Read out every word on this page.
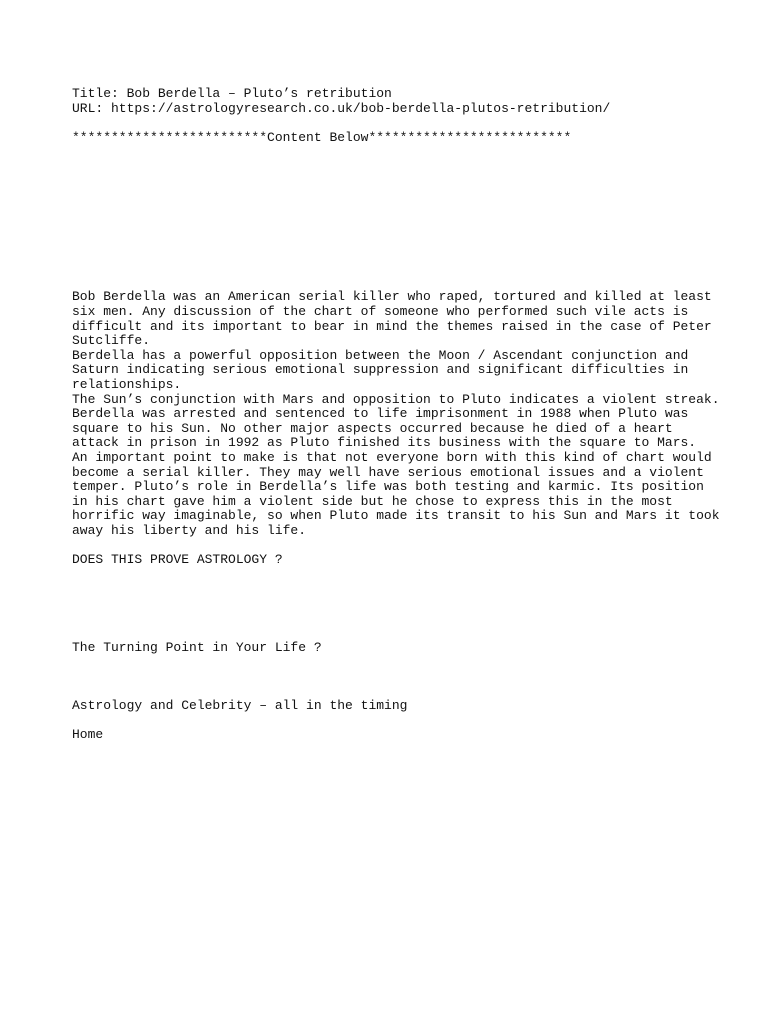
Title: Bob Berdella – Pluto’s retribution
URL: https://astrologyresearch.co.uk/bob-berdella-plutos-retribution/
*************************Content Below**************************
Bob Berdella was an American serial killer who raped, tortured and killed at least
six men. Any discussion of the chart of someone who performed such vile acts is
difficult and its important to bear in mind the themes raised in the case of Peter
Sutcliffe.
Berdella has a powerful opposition between the Moon / Ascendant conjunction and
Saturn indicating serious emotional suppression and significant difficulties in
relationships.
The Sun’s conjunction with Mars and opposition to Pluto indicates a violent streak.
Berdella was arrested and sentenced to life imprisonment in 1988 when Pluto was
square to his Sun. No other major aspects occurred because he died of a heart
attack in prison in 1992 as Pluto finished its business with the square to Mars.
An important point to make is that not everyone born with this kind of chart would
become a serial killer. They may well have serious emotional issues and a violent
temper. Pluto’s role in Berdella’s life was both testing and karmic. Its position
in his chart gave him a violent side but he chose to express this in the most
horrific way imaginable, so when Pluto made its transit to his Sun and Mars it took
away his liberty and his life.
DOES THIS PROVE ASTROLOGY ?
The Turning Point in Your Life ?
Astrology and Celebrity – all in the timing
Home
